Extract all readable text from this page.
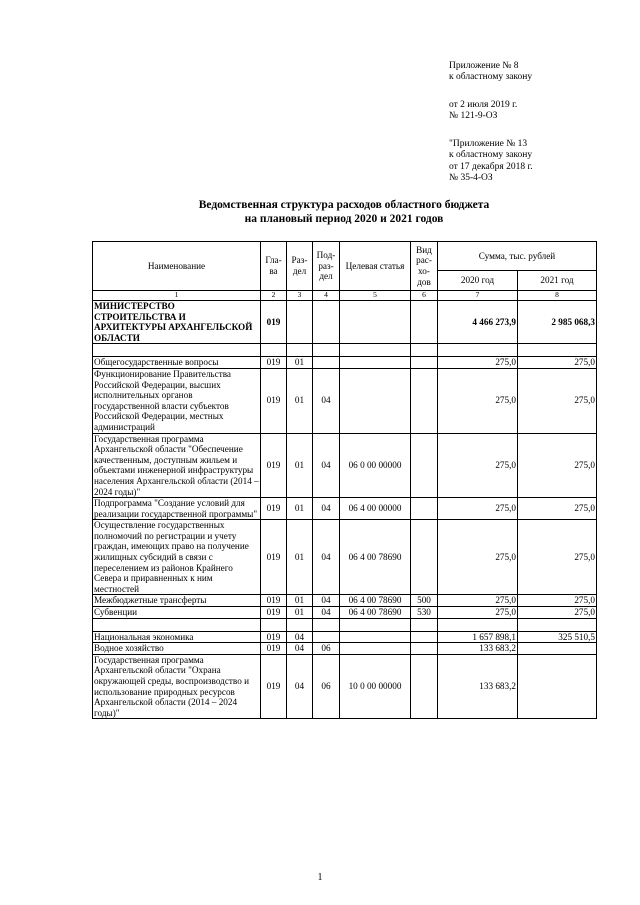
Приложение № 8
к областному закону
от 2 июля 2019 г.
№ 121-9-ОЗ
"Приложение № 13
к областному закону
от 17 декабря 2018 г.
№ 35-4-ОЗ
Ведомственная структура расходов областного бюджета
на плановый период 2020 и 2021 годов
Наименование	Гла-ва	Раз-дел	Под-раз-дел	Целевая статья	Вид рас-хо-дов	Сумма, тыс. рублей	
						2020 год	2021 год
1	2	3	4	5	6	7	8
МИНИСТЕРСТВО СТРОИТЕЛЬСТВА И АРХИТЕКТУРЫ АРХАНГЕЛЬСКОЙ ОБЛАСТИ	019					4 466 273,9	2 985 068,3

Общегосударственные вопросы	019	01				275,0	275,0
Функционирование Правительства Российской Федерации, высших исполнительных органов государственной власти субъектов Российской Федерации, местных администраций	019	01	04			275,0	275,0
Государственная программа Архангельской области "Обеспечение качественным, доступным жильем и объектами инженерной инфраструктуры населения Архангельской области (2014 – 2024 годы)"	019	01	04	06 0 00 00000		275,0	275,0
Подпрограмма "Создание условий для реализации государственной программы"	019	01	04	06 4 00 00000		275,0	275,0
Осуществление государственных полномочий по регистрации и учету граждан, имеющих право на получение жилищных субсидий в связи с переселением из районов Крайнего Севера и приравненных к ним местностей	019	01	04	06 4 00 78690		275,0	275,0
Межбюджетные трансферты	019	01	04	06 4 00 78690	500	275,0	275,0
Субвенции	019	01	04	06 4 00 78690	530	275,0	275,0

Национальная экономика	019	04				1 657 898,1	325 510,5
Водное хозяйство	019	04	06			133 683,2	
Государственная программа Архангельской области "Охрана окружающей среды, воспроизводство и использование природных ресурсов Архангельской области (2014 – 2024 годы)"	019	04	06	10 0 00 00000		133 683,2	
1
